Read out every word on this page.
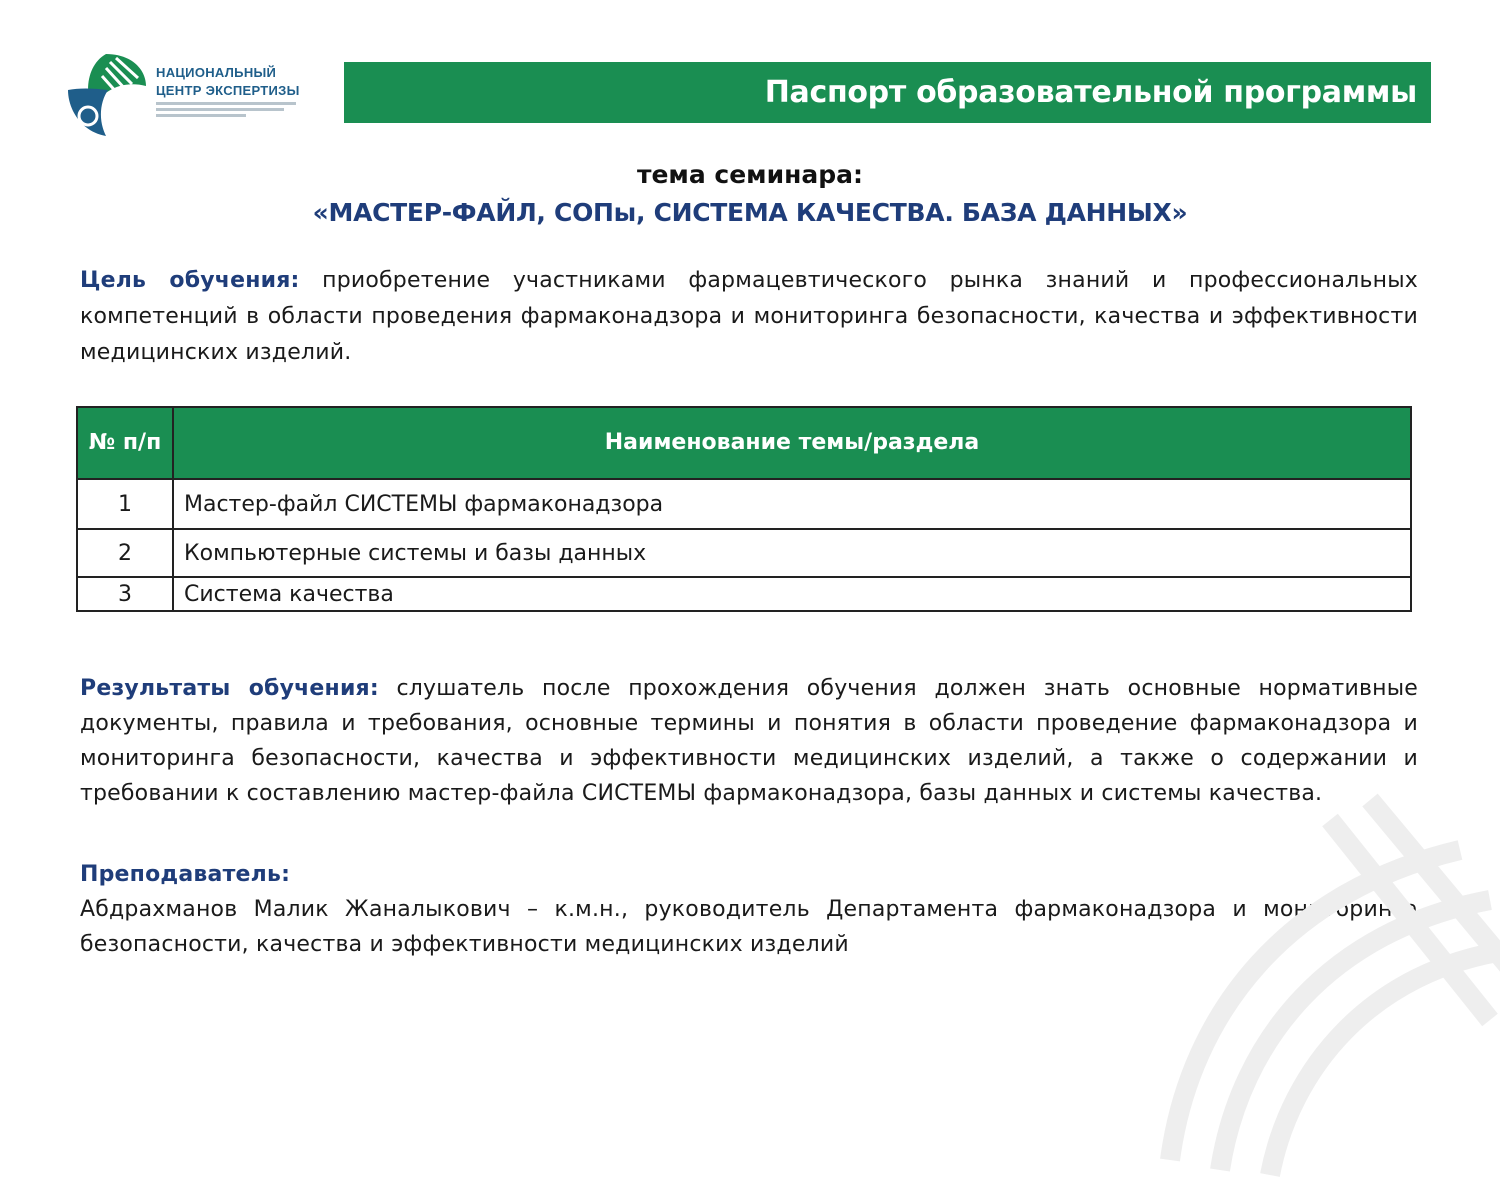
НАЦИОНАЛЬНЫЙ
ЦЕНТР ЭКСПЕРТИЗЫ	Паспорт образовательной программы
тема семинара:
«МАСТЕР-ФАЙЛ, СОПы, СИСТЕМА КАЧЕСТВА. БАЗА ДАННЫХ»
Цель обучения: приобретение участниками фармацевтического рынка знаний и профессиональных компетенций в области проведения фармаконадзора и мониторинга безопасности, качества и эффективности медицинских изделий.
№ п/п	Наименование темы/раздела
1	Мастер-файл СИСТЕМЫ фармаконадзора
2	Компьютерные системы и базы данных
3	Система качества
Результаты обучения: слушатель после прохождения обучения должен знать основные нормативные документы, правила и требования, основные термины и понятия в области проведение фармаконадзора и мониторинга безопасности, качества и эффективности медицинских изделий, а также о содержании и требовании к составлению мастер-файла СИСТЕМЫ фармаконадзора, базы данных и системы качества.
Преподаватель:
Абдрахманов Малик Жаналыкович – к.м.н., руководитель Департамента фармаконадзора и мониторинга безопасности, качества и эффективности медицинских изделий
